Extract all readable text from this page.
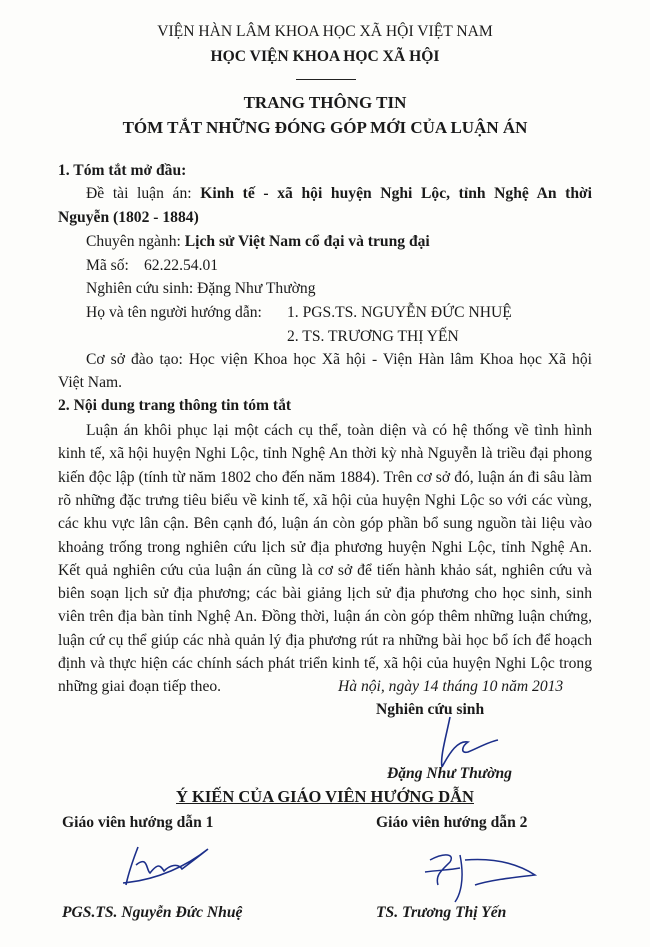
VIỆN HÀN LÂM KHOA HỌC XÃ HỘI VIỆT NAM
HỌC VIỆN KHOA HỌC XÃ HỘI
TRANG THÔNG TIN
TÓM TẮT NHỮNG ĐÓNG GÓP MỚI CỦA LUẬN ÁN
1. Tóm tắt mở đầu:
Đề tài luận án: Kinh tế - xã hội huyện Nghi Lộc, tỉnh Nghệ An thời
Nguyễn (1802 - 1884)
Chuyên ngành: Lịch sử Việt Nam cổ đại và trung đại
Mã số: 62.22.54.01
Nghiên cứu sinh: Đặng Như Thường
Họ và tên người hướng dẫn: 1. PGS.TS. NGUYỄN ĐỨC NHUỆ
2. TS. TRƯƠNG THỊ YẾN
Cơ sở đào tạo: Học viện Khoa học Xã hội - Viện Hàn lâm Khoa học Xã hội
Việt Nam.
2. Nội dung trang thông tin tóm tắt
Luận án khôi phục lại một cách cụ thể, toàn diện và có hệ thống về tình hình
kinh tế, xã hội huyện Nghi Lộc, tỉnh Nghệ An thời kỳ nhà Nguyễn là triều đại phong
kiến độc lập (tính từ năm 1802 cho đến năm 1884). Trên cơ sở đó, luận án đi sâu làm
rõ những đặc trưng tiêu biểu về kinh tế, xã hội của huyện Nghi Lộc so với các vùng,
các khu vực lân cận. Bên cạnh đó, luận án còn góp phần bổ sung nguồn tài liệu vào
khoảng trống trong nghiên cứu lịch sử địa phương huyện Nghi Lộc, tỉnh Nghệ An.
Kết quả nghiên cứu của luận án cũng là cơ sở để tiến hành khảo sát, nghiên cứu và
biên soạn lịch sử địa phương; các bài giảng lịch sử địa phương cho học sinh, sinh
viên trên địa bàn tỉnh Nghệ An. Đồng thời, luận án còn góp thêm những luận chứng,
luận cứ cụ thể giúp các nhà quản lý địa phương rút ra những bài học bổ ích để hoạch
định và thực hiện các chính sách phát triển kinh tế, xã hội của huyện Nghi Lộc trong
những giai đoạn tiếp theo.	Hà nội, ngày 14 tháng 10 năm 2013
Nghiên cứu sinh
Đặng Như Thường
Ý KIẾN CỦA GIÁO VIÊN HƯỚNG DẪN
Giáo viên hướng dẫn 1	Giáo viên hướng dẫn 2
PGS.TS. Nguyễn Đức Nhuệ	TS. Trương Thị Yến
